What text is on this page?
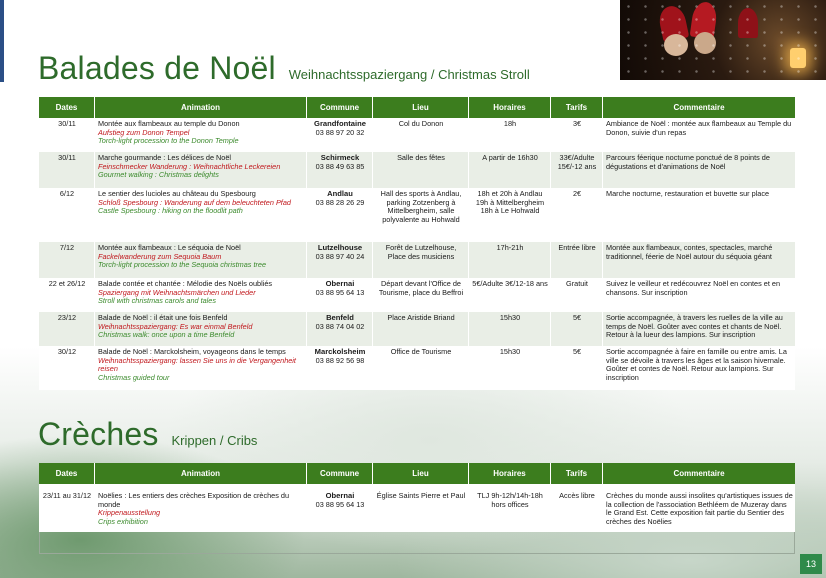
Balades de Noël Weihnachtsspaziergang / Christmas Stroll
Dates	Animation	Commune	Lieu	Horaires	Tarifs	Commentaire
30/11	Montée aux flambeaux au temple du Donon
Aufstieg zum Donon Tempel
Torch-light procession to the Donon Temple	Grandfontaine
03 88 97 20 32	Col du Donon	18h	3€	Ambiance de Noël : montée aux flambeaux au Temple du Donon, suivie d'un repas
30/11	Marche gourmande : Les délices de Noël
Feinschmecker Wanderung : Weihnachtliche Leckereien
Gourmet walking : Christmas delights	Schirmeck
03 88 49 63 85	Salle des fêtes	A partir de 16h30	33€/Adulte 15€/-12 ans	Parcours féerique nocturne ponctué de 8 points de dégustations et d'animations de Noël
6/12	Le sentier des lucioles au château du Spesbourg
Schloß Spesbourg : Wanderung auf dem beleuchteten Pfad
Castle Spesbourg : hiking on the floodlit path	Andlau
03 88 28 26 29	Hall des sports à Andlau, parking Zotzenberg à Mittelbergheim, salle polyvalente au Hohwald	18h et 20h à Andlau 19h à Mittelbergheim 18h à Le Hohwald	2€	Marche nocturne, restauration et buvette sur place
7/12	Montée aux flambeaux : Le séquoia de Noël
Fackelwanderung zum Sequoia Baum
Torch-light procession to the Sequoia christmas tree	Lutzelhouse
03 88 97 40 24	Forêt de Lutzelhouse, Place des musiciens	17h-21h	Entrée libre	Montée aux flambeaux, contes, spectacles, marché traditionnel, féerie de Noël autour du séquoia géant
22 et 26/12	Balade contée et chantée : Mélodie des Noëls oubliés
Spaziergang mit Weihnachtsmärchen und Lieder
Stroll with christmas carols and tales	Obernai
03 88 95 64 13	Départ devant l'Office de Tourisme, place du Beffroi	5€/Adulte 3€/12-18 ans	Gratuit	Suivez le veilleur et redécouvrez Noël en contes et en chansons. Sur inscription
23/12	Balade de Noël : il était une fois Benfeld
Weihnachtsspaziergang: Es war einmal Benfeld
Christmas walk: once upon a time Benfeld	Benfeld
03 88 74 04 02	Place Aristide Briand	15h30	5€	Sortie accompagnée, à travers les ruelles de la ville au temps de Noël. Goûter avec contes et chants de Noël. Retour à la lueur des lampions. Sur inscription
30/12	Balade de Noël : Marckolsheim, voyageons dans le temps
Weihnachtsspaziergang: lassen Sie uns in die Vergangenheit reisen
Christmas guided tour	Marckolsheim
03 88 92 56 98	Office de Tourisme	15h30	5€	Sortie accompagnée à faire en famille ou entre amis. La ville se dévoile à travers les âges et la saison hivernale. Goûter et contes de Noël. Retour aux lampions. Sur inscription
Crèches Krippen / Cribs
Dates	Animation	Commune	Lieu	Horaires	Tarifs	Commentaire
23/11 au 31/12	Noëlies : Les entiers des crèches Exposition de crèches du monde
Krippenausstellung
Crips exhibition	Obernai
03 88 95 64 13	Église Saints Pierre et Paul	TLJ 9h-12h/14h-18h hors offices	Accès libre	Crèches du monde aussi insolites qu'artistiques issues de la collection de l'association Bethléem de Muzeray dans le Grand Est. Cette exposition fait partie du Sentier des crèches des Noëlies
13
